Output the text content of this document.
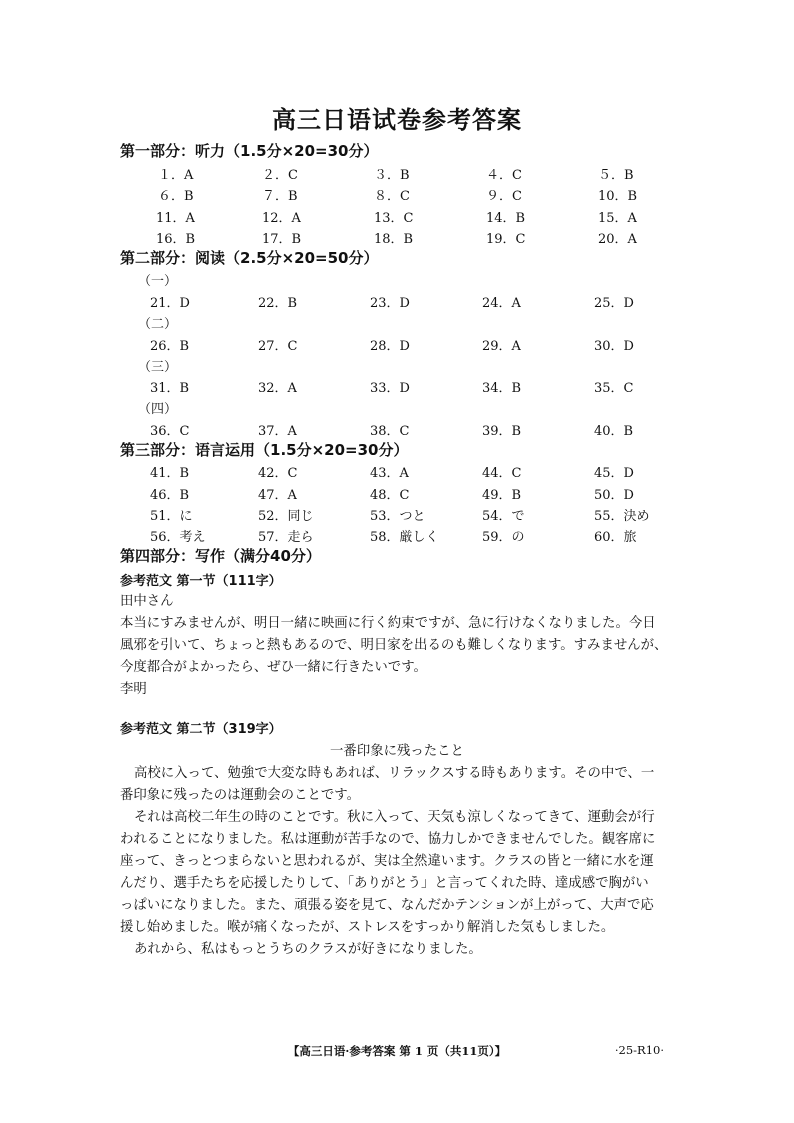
高三日语试卷参考答案
第一部分：听力（1.5分×20=30分）
１．A	２．C	３．B	４．C	５．B
６．B	７．B	８．C	９．C	10．B
11．A	12．A	13．C	14．B	15．A
16．B	17．B	18．B	19．C	20．A
第二部分：阅读（2.5分×20=50分）
（一）
21．D	22．B	23．D	24．A	25．D
（二）
26．B	27．C	28．D	29．A	30．D
（三）
31．B	32．A	33．D	34．B	35．C
（四）
36．C	37．A	38．C	39．B	40．B
第三部分：语言运用（1.5分×20=30分）
41．B	42．C	43．A	44．C	45．D
46．B	47．A	48．C	49．B	50．D
51．に	52．同じ	53．つと	54．で	55．決め
56．考え	57．走ら	58．厳しく	59．の	60．旅
第四部分：写作（满分40分）
参考范文 第一节（111字）
田中さん
本当にすみませんが、明日一緒に映画に行く約束ですが、急に行けなくなりました。今日
風邪を引いて、ちょっと熱もあるので、明日家を出るのも難しくなります。すみませんが、
今度都合がよかったら、ぜひ一緒に行きたいです。
李明
参考范文 第二节（319字）
一番印象に残ったこと
高校に入って、勉強で大変な時もあれば、リラックスする時もあります。その中で、一
番印象に残ったのは運動会のことです。
それは高校二年生の時のことです。秋に入って、天気も涼しくなってきて、運動会が行
われることになりました。私は運動が苦手なので、協力しかできませんでした。観客席に
座って、きっとつまらないと思われるが、実は全然違います。クラスの皆と一緒に水を運
んだり、選手たちを応援したりして、「ありがとう」と言ってくれた時、達成感で胸がい
っぱいになりました。また、頑張る姿を見て、なんだかテンションが上がって、大声で応
援し始めました。喉が痛くなったが、ストレスをすっかり解消した気もしました。
あれから、私はもっとうちのクラスが好きになりました。
【高三日语·参考答案 第 1 页（共11页）】	·25-R10·
